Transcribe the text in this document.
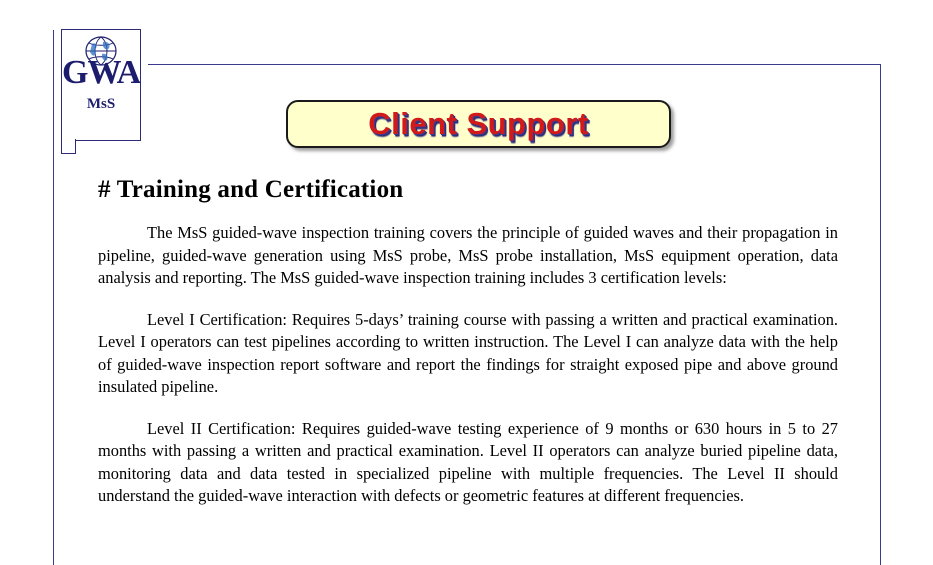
GWA
MsS
Client Support
# Training and Certification

The MsS guided-wave inspection training covers the principle of guided waves and their propagation in pipeline, guided-wave generation using MsS probe, MsS probe installation, MsS equipment operation, data analysis and reporting. The MsS guided-wave inspection training includes 3 certification levels:

Level I Certification: Requires 5-days’ training course with passing a written and practical examination. Level I operators can test pipelines according to written instruction. The Level I can analyze data with the help of guided-wave inspection report software and report the findings for straight exposed pipe and above ground insulated pipeline.

Level II Certification: Requires guided-wave testing experience of 9 months or 630 hours in 5 to 27 months with passing a written and practical examination. Level II operators can analyze buried pipeline data, monitoring data and data tested in specialized pipeline with multiple frequencies. The Level II should understand the guided-wave interaction with defects or geometric features at different frequencies.
